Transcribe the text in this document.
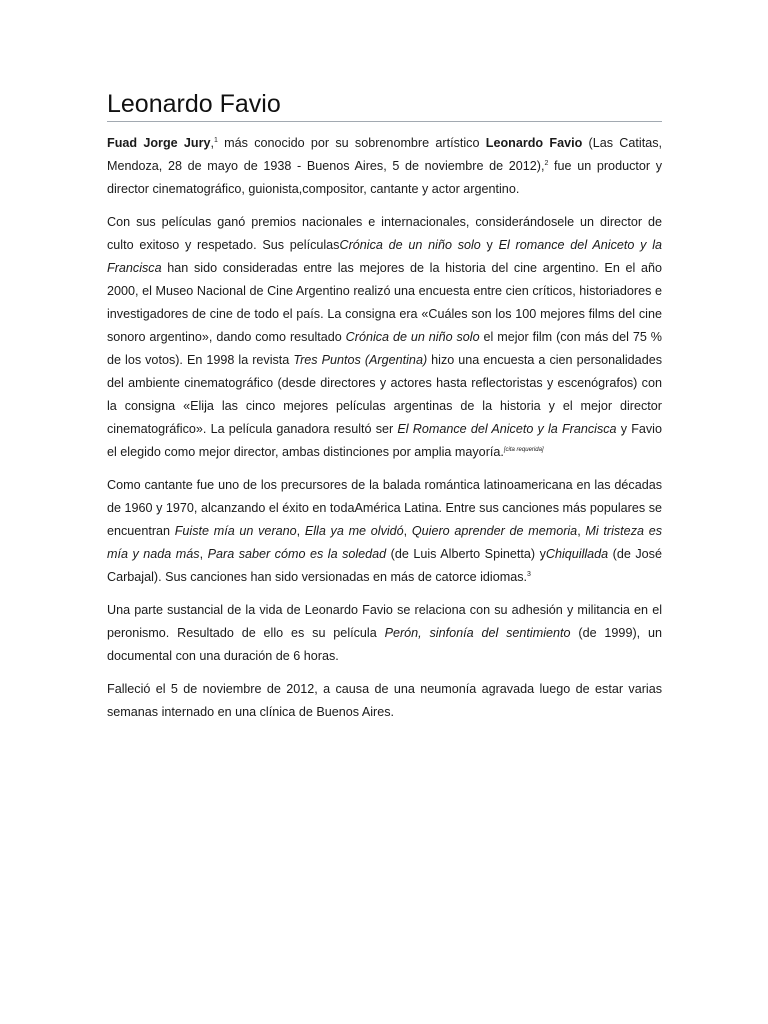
Leonardo Favio

Fuad Jorge Jury,$^1$ más conocido por su sobrenombre artístico Leonardo Favio (Las Catitas, Mendoza, 28 de mayo de 1938 - Buenos Aires, 5 de noviembre de 2012),$^2$ fue un productor y director cinematográfico, guionista,compositor, cantante y actor argentino.

Con sus películas ganó premios nacionales e internacionales, considerándosele un director de culto exitoso y respetado. Sus películasCrónica de un niño solo y El romance del Aniceto y la Francisca han sido consideradas entre las mejores de la historia del cine argentino. En el año 2000, el Museo Nacional de Cine Argentino realizó una encuesta entre cien críticos, historiadores e investigadores de cine de todo el país. La consigna era «Cuáles son los 100 mejores films del cine sonoro argentino», dando como resultado Crónica de un niño solo el mejor film (con más del 75 % de los votos). En 1998 la revista Tres Puntos (Argentina) hizo una encuesta a cien personalidades del ambiente cinematográfico (desde directores y actores hasta reflectoristas y escenógrafos) con la consigna «Elija las cinco mejores películas argentinas de la historia y el mejor director cinematográfico». La película ganadora resultó ser El Romance del Aniceto y la Francisca y Favio el elegido como mejor director, ambas distinciones por amplia mayoría.[cita requerida]

Como cantante fue uno de los precursores de la balada romántica latinoamericana en las décadas de 1960 y 1970, alcanzando el éxito en todaAmérica Latina. Entre sus canciones más populares se encuentran Fuiste mía un verano, Ella ya me olvidó, Quiero aprender de memoria, Mi tristeza es mía y nada más, Para saber cómo es la soledad (de Luis Alberto Spinetta) yChiquillada (de José Carbajal). Sus canciones han sido versionadas en más de catorce idiomas.$^3$

Una parte sustancial de la vida de Leonardo Favio se relaciona con su adhesión y militancia en el peronismo. Resultado de ello es su película Perón, sinfonía del sentimiento (de 1999), un documental con una duración de 6 horas.

Falleció el 5 de noviembre de 2012, a causa de una neumonía agravada luego de estar varias semanas internado en una clínica de Buenos Aires.
